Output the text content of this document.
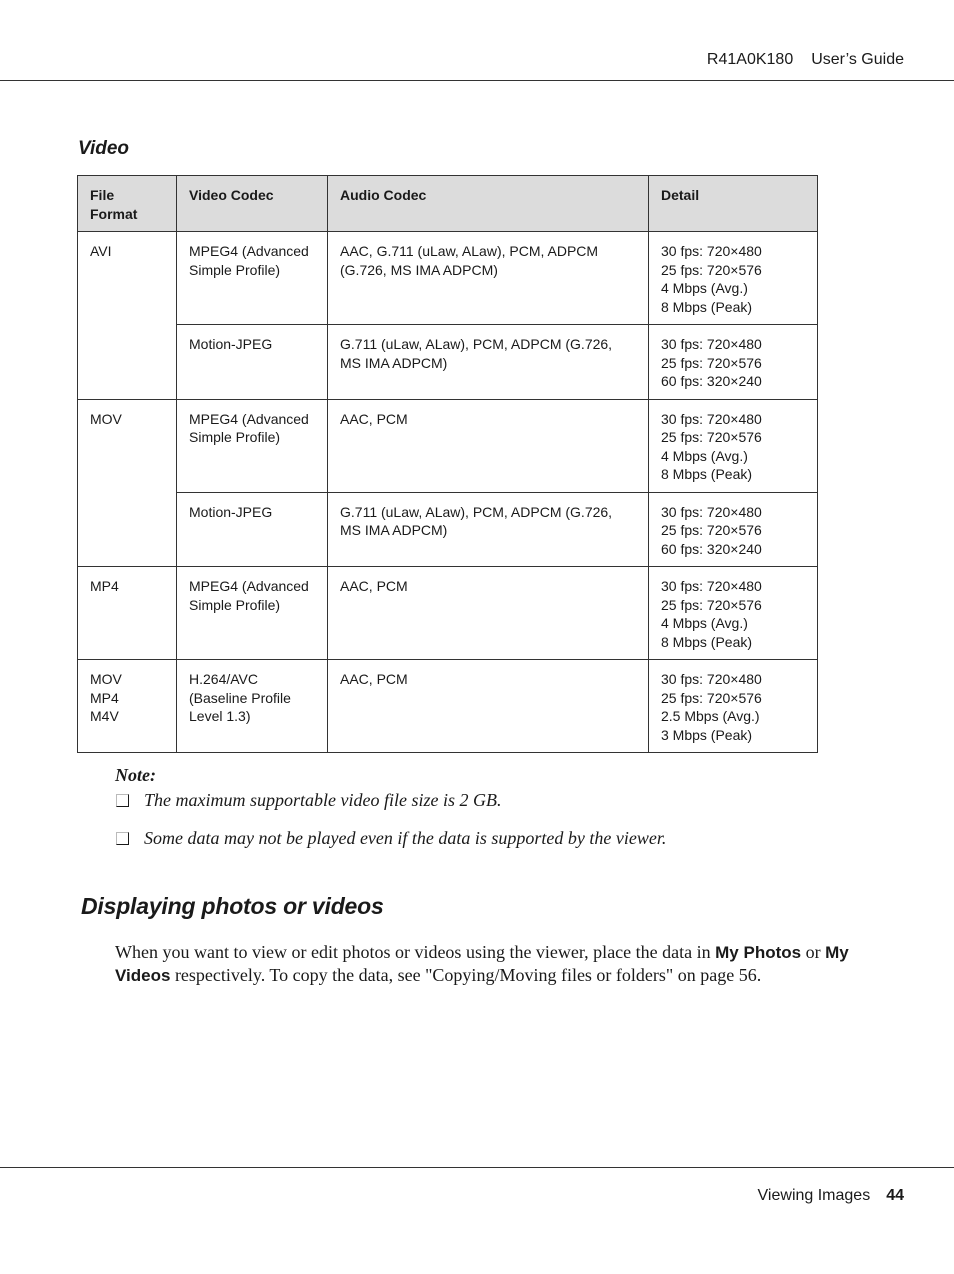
R41A0K180 User’s Guide
Video
File Format	Video Codec	Audio Codec	Detail

AVI	MPEG4 (Advanced Simple Profile)	AAC, G.711 (uLaw, ALaw), PCM, ADPCM (G.726, MS IMA ADPCM)	30 fps: 720×480
25 fps: 720×576
4 Mbps (Avg.)
8 Mbps (Peak)

	Motion-JPEG	G.711 (uLaw, ALaw), PCM, ADPCM (G.726, MS IMA ADPCM)	30 fps: 720×480
25 fps: 720×576
60 fps: 320×240

MOV	MPEG4 (Advanced Simple Profile)	AAC, PCM	30 fps: 720×480
25 fps: 720×576
4 Mbps (Avg.)
8 Mbps (Peak)

	Motion-JPEG	G.711 (uLaw, ALaw), PCM, ADPCM (G.726, MS IMA ADPCM)	30 fps: 720×480
25 fps: 720×576
60 fps: 320×240

MP4	MPEG4 (Advanced Simple Profile)	AAC, PCM	30 fps: 720×480
25 fps: 720×576
4 Mbps (Avg.)
8 Mbps (Peak)

MOV
MP4
M4V	H.264/AVC (Baseline Profile Level 1.3)	AAC, PCM	30 fps: 720×480
25 fps: 720×576
2.5 Mbps (Avg.)
3 Mbps (Peak)
Note:
The maximum supportable video file size is 2 GB.
Some data may not be played even if the data is supported by the viewer.
Displaying photos or videos
When you want to view or edit photos or videos using the viewer, place the data in My Photos or My Videos respectively. To copy the data, see "Copying/Moving files or folders" on page 56.
Viewing Images 44
